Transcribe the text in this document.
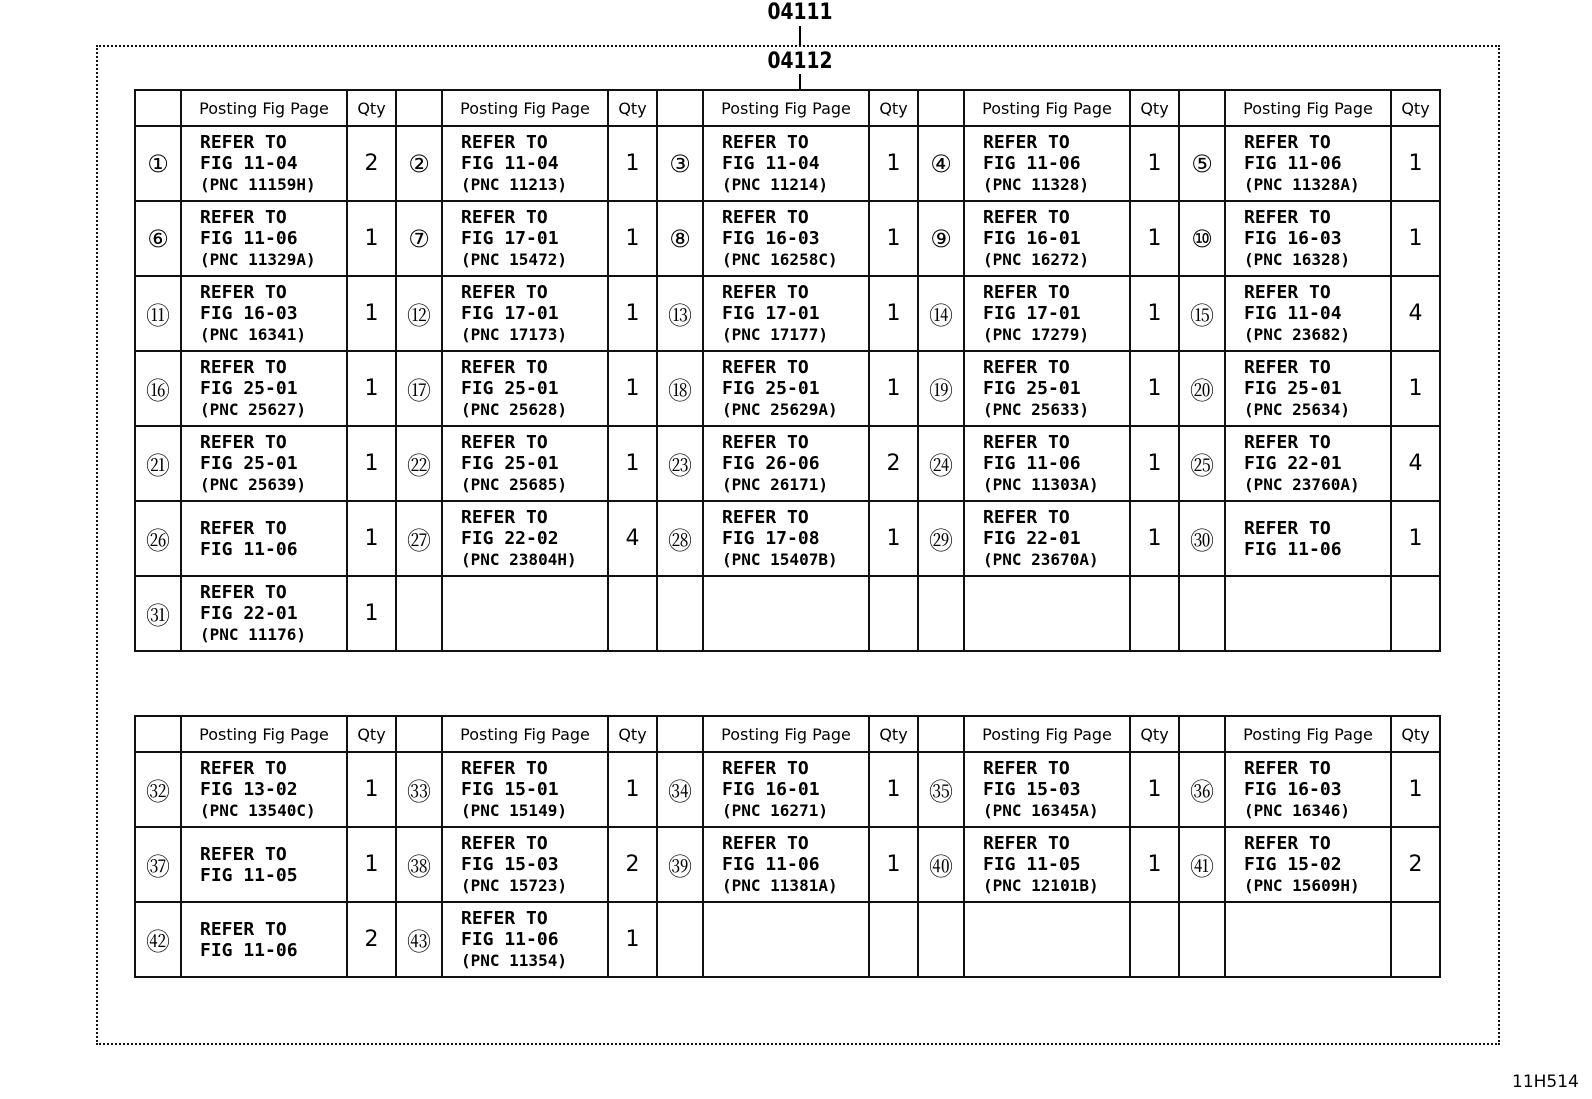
04111
04112
	Posting Fig Page	Qty		Posting Fig Page	Qty		Posting Fig Page	Qty		Posting Fig Page	Qty		Posting Fig Page	Qty
①	REFER TO
FIG 11-04
(PNC 11159H)	2	②	REFER TO
FIG 11-04
(PNC 11213)	1	③	REFER TO
FIG 11-04
(PNC 11214)	1	④	REFER TO
FIG 11-06
(PNC 11328)	1	⑤	REFER TO
FIG 11-06
(PNC 11328A)	1
⑥	REFER TO
FIG 11-06
(PNC 11329A)	1	⑦	REFER TO
FIG 17-01
(PNC 15472)	1	⑧	REFER TO
FIG 16-03
(PNC 16258C)	1	⑨	REFER TO
FIG 16-01
(PNC 16272)	1	⑩	REFER TO
FIG 16-03
(PNC 16328)	1
⑪	REFER TO
FIG 16-03
(PNC 16341)	1	⑫	REFER TO
FIG 17-01
(PNC 17173)	1	⑬	REFER TO
FIG 17-01
(PNC 17177)	1	⑭	REFER TO
FIG 17-01
(PNC 17279)	1	⑮	REFER TO
FIG 11-04
(PNC 23682)	4
⑯	REFER TO
FIG 25-01
(PNC 25627)	1	⑰	REFER TO
FIG 25-01
(PNC 25628)	1	⑱	REFER TO
FIG 25-01
(PNC 25629A)	1	⑲	REFER TO
FIG 25-01
(PNC 25633)	1	⑳	REFER TO
FIG 25-01
(PNC 25634)	1
㉑	REFER TO
FIG 25-01
(PNC 25639)	1	㉒	REFER TO
FIG 25-01
(PNC 25685)	1	㉓	REFER TO
FIG 26-06
(PNC 26171)	2	㉔	REFER TO
FIG 11-06
(PNC 11303A)	1	㉕	REFER TO
FIG 22-01
(PNC 23760A)	4
㉖	REFER TO
FIG 11-06	1	㉗	REFER TO
FIG 22-02
(PNC 23804H)	4	㉘	REFER TO
FIG 17-08
(PNC 15407B)	1	㉙	REFER TO
FIG 22-01
(PNC 23670A)	1	㉚	REFER TO
FIG 11-06	1
㉛	REFER TO
FIG 22-01
(PNC 11176)	1												
	Posting Fig Page	Qty		Posting Fig Page	Qty		Posting Fig Page	Qty		Posting Fig Page	Qty		Posting Fig Page	Qty
㉜	REFER TO
FIG 13-02
(PNC 13540C)	1	㉝	REFER TO
FIG 15-01
(PNC 15149)	1	㉞	REFER TO
FIG 16-01
(PNC 16271)	1	㉟	REFER TO
FIG 15-03
(PNC 16345A)	1	㊱	REFER TO
FIG 16-03
(PNC 16346)	1
㊲	REFER TO
FIG 11-05	1	㊳	REFER TO
FIG 15-03
(PNC 15723)	2	㊴	REFER TO
FIG 11-06
(PNC 11381A)	1	㊵	REFER TO
FIG 11-05
(PNC 12101B)	1	㊶	REFER TO
FIG 15-02
(PNC 15609H)	2
㊷	REFER TO
FIG 11-06	2	㊸	REFER TO
FIG 11-06
(PNC 11354)	1									
11H514
